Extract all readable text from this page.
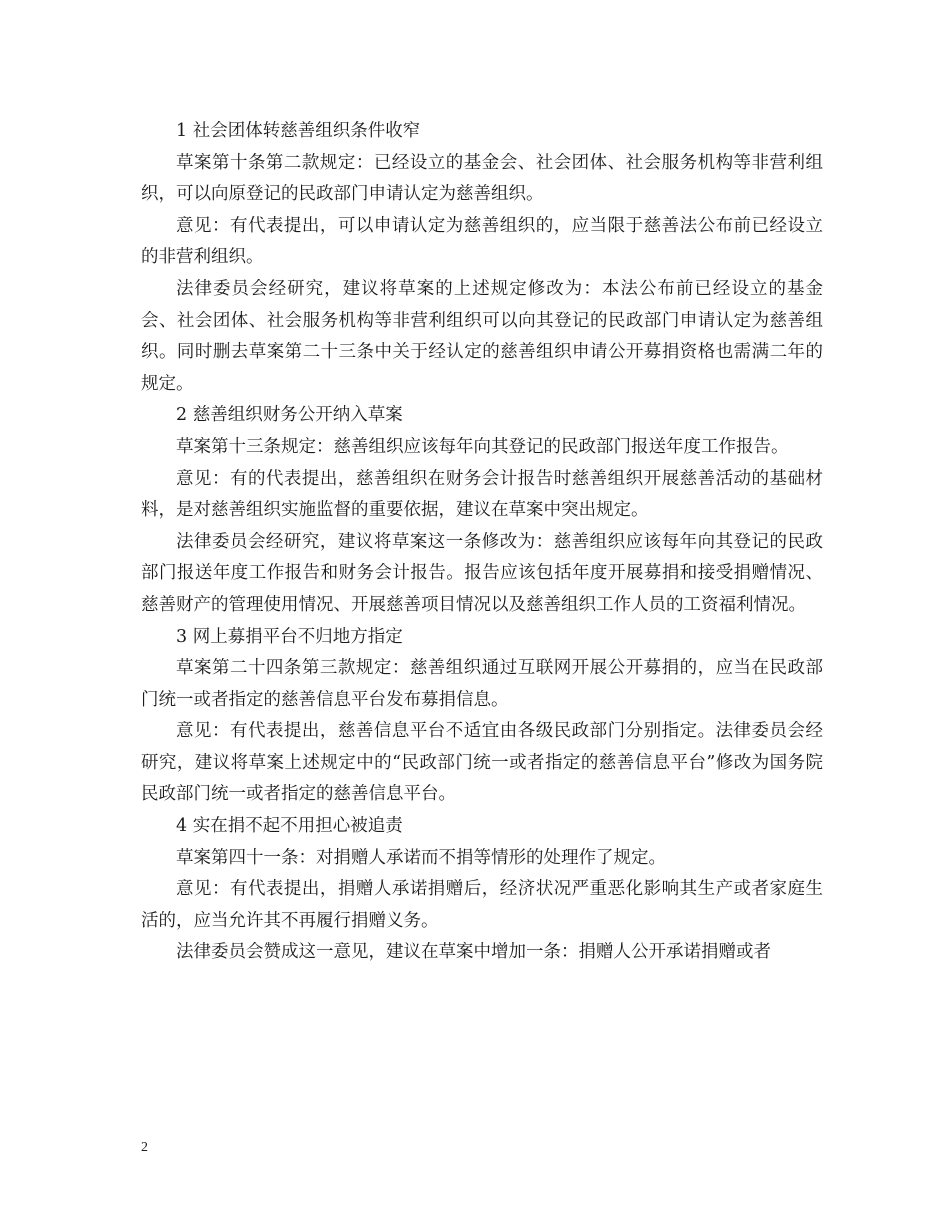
1 社会团体转慈善组织条件收窄

草案第十条第二款规定：已经设立的基金会、社会团体、社会服务机构等非营利组织，可以向原登记的民政部门申请认定为慈善组织。

意见：有代表提出，可以申请认定为慈善组织的，应当限于慈善法公布前已经设立的非营利组织。

法律委员会经研究，建议将草案的上述规定修改为：本法公布前已经设立的基金会、社会团体、社会服务机构等非营利组织可以向其登记的民政部门申请认定为慈善组织。同时删去草案第二十三条中关于经认定的慈善组织申请公开募捐资格也需满二年的规定。

2 慈善组织财务公开纳入草案

草案第十三条规定：慈善组织应该每年向其登记的民政部门报送年度工作报告。

意见：有的代表提出，慈善组织在财务会计报告时慈善组织开展慈善活动的基础材料，是对慈善组织实施监督的重要依据，建议在草案中突出规定。

法律委员会经研究，建议将草案这一条修改为：慈善组织应该每年向其登记的民政部门报送年度工作报告和财务会计报告。报告应该包括年度开展募捐和接受捐赠情况、慈善财产的管理使用情况、开展慈善项目情况以及慈善组织工作人员的工资福利情况。

3 网上募捐平台不归地方指定

草案第二十四条第三款规定：慈善组织通过互联网开展公开募捐的，应当在民政部门统一或者指定的慈善信息平台发布募捐信息。

意见：有代表提出，慈善信息平台不适宜由各级民政部门分别指定。法律委员会经研究，建议将草案上述规定中的“民政部门统一或者指定的慈善信息平台”修改为国务院民政部门统一或者指定的慈善信息平台。

4 实在捐不起不用担心被追责

草案第四十一条：对捐赠人承诺而不捐等情形的处理作了规定。

意见：有代表提出，捐赠人承诺捐赠后，经济状况严重恶化影响其生产或者家庭生活的，应当允许其不再履行捐赠义务。

法律委员会赞成这一意见，建议在草案中增加一条：捐赠人公开承诺捐赠或者

2
